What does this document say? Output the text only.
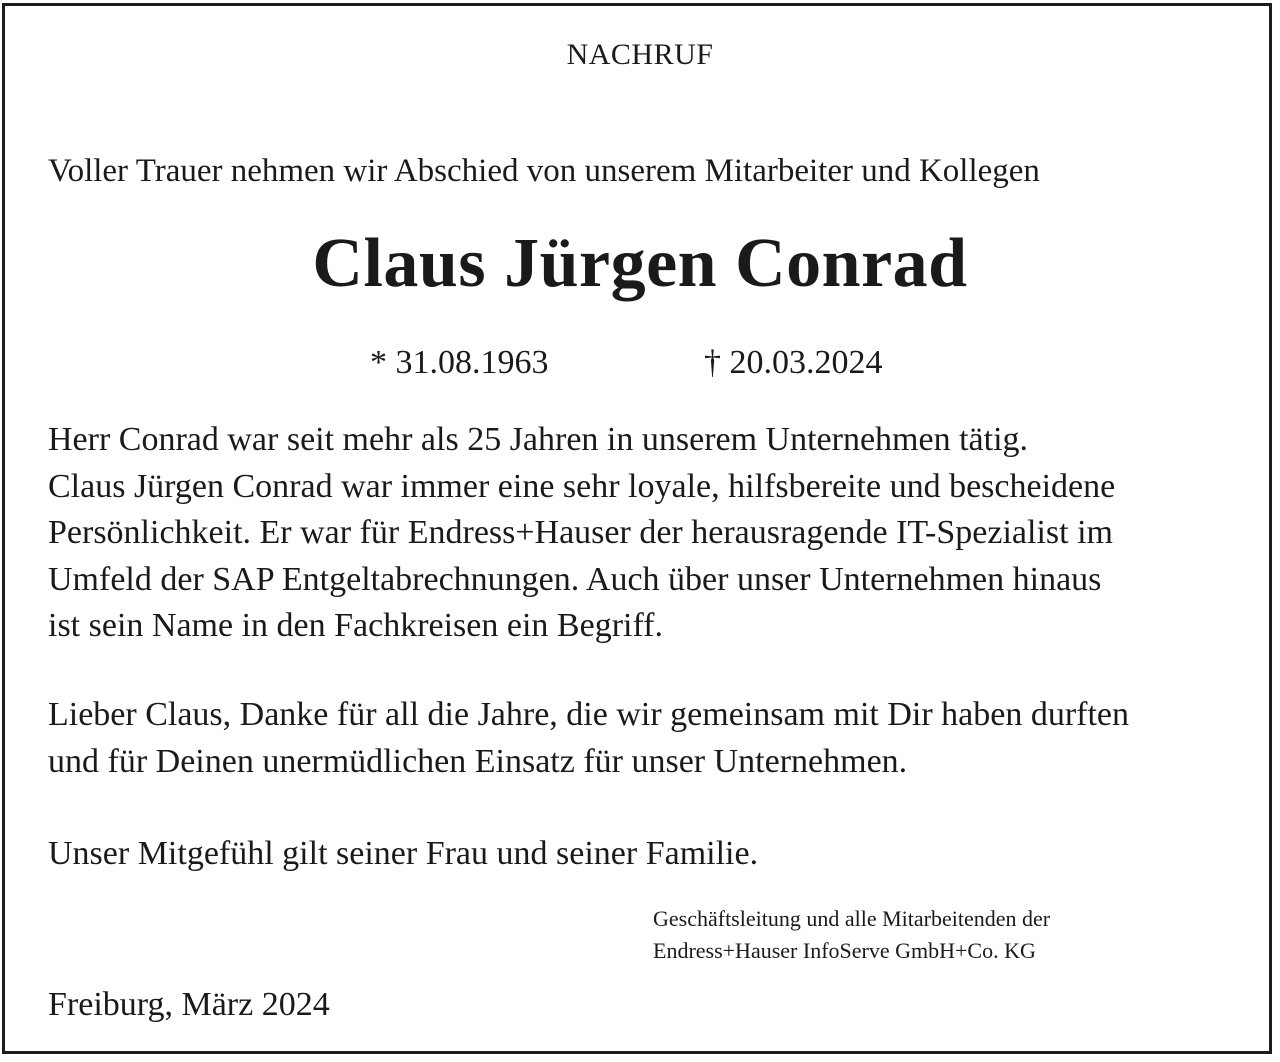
NACHRUF
Voller Trauer nehmen wir Abschied von unserem Mitarbeiter und Kollegen
Claus Jürgen Conrad
* 31.08.1963	† 20.03.2024
Herr Conrad war seit mehr als 25 Jahren in unserem Unternehmen tätig.
Claus Jürgen Conrad war immer eine sehr loyale, hilfsbereite und bescheidene
Persönlichkeit. Er war für Endress+Hauser der herausragende IT-Spezialist im
Umfeld der SAP Entgeltabrechnungen. Auch über unser Unternehmen hinaus
ist sein Name in den Fachkreisen ein Begriff.
Lieber Claus, Danke für all die Jahre, die wir gemeinsam mit Dir haben durften
und für Deinen unermüdlichen Einsatz für unser Unternehmen.
Unser Mitgefühl gilt seiner Frau und seiner Familie.
Geschäftsleitung und alle Mitarbeitenden der
Endress+Hauser InfoServe GmbH+Co. KG
Freiburg, März 2024
